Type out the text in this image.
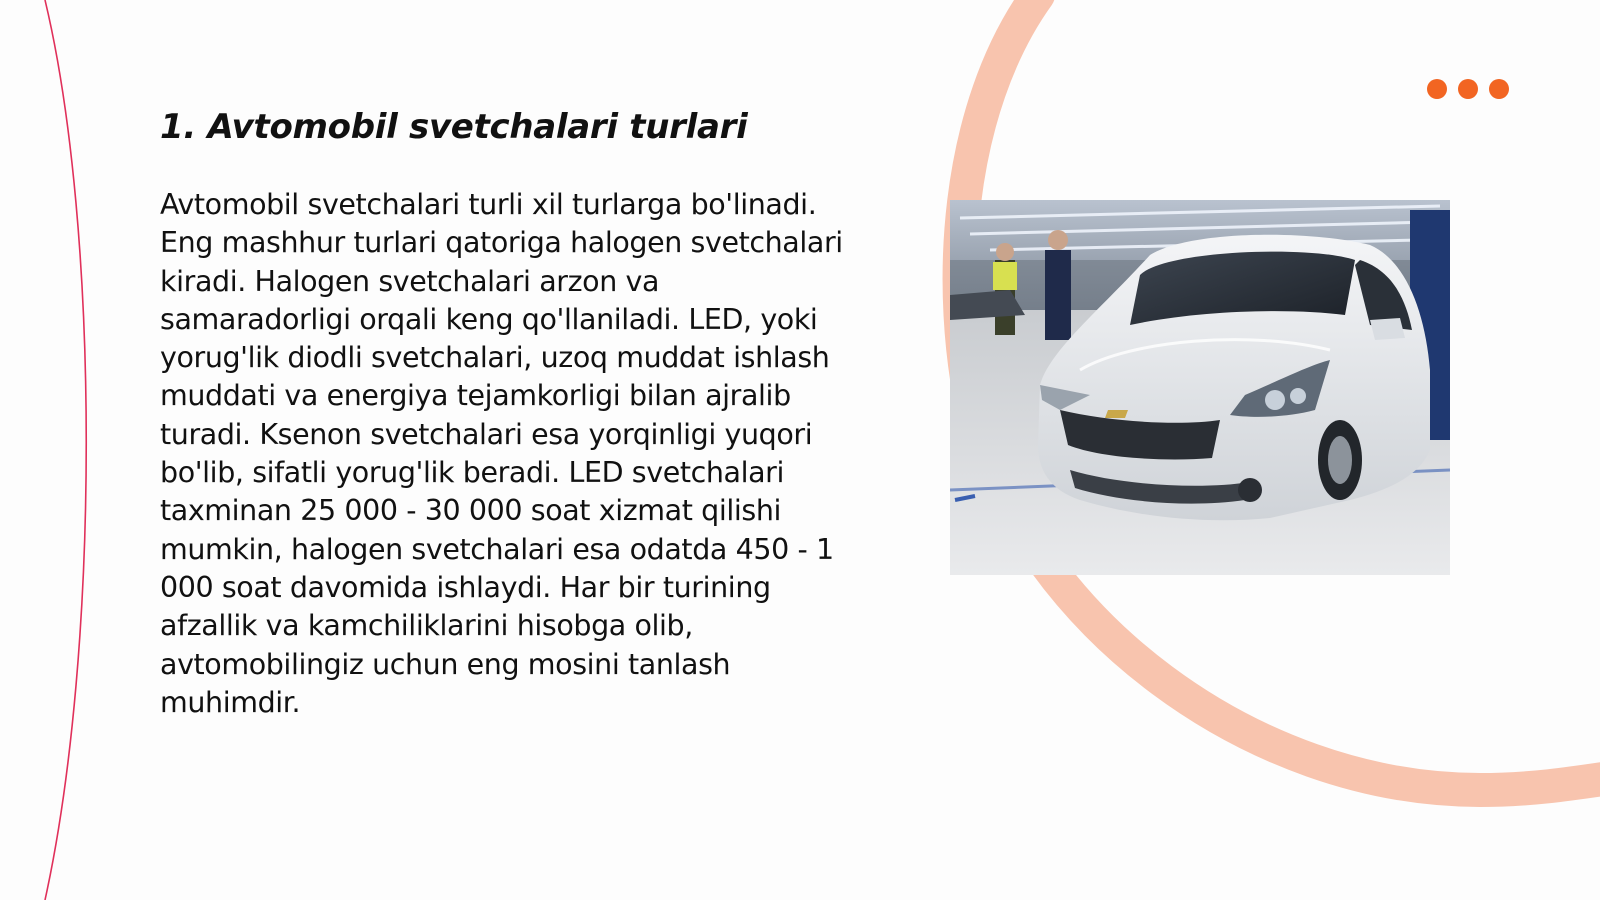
1. Avtomobil svetchalari turlari

Avtomobil svetchalari turli xil turlarga bo'linadi. Eng mashhur turlari qatoriga halogen svetchalari kiradi. Halogen svetchalari arzon va samaradorligi orqali keng qo'llaniladi. LED, yoki yorug'lik diodli svetchalari, uzoq muddat ishlash muddati va energiya tejamkorligi bilan ajralib turadi. Ksenon svetchalari esa yorqinligi yuqori bo'lib, sifatli yorug'lik beradi. LED svetchalari taxminan 25 000 - 30 000 soat xizmat qilishi mumkin, halogen svetchalari esa odatda 450 - 1 000 soat davomida ishlaydi. Har bir turining afzallik va kamchiliklarini hisobga olib, avtomobilingiz uchun eng mosini tanlash muhimdir.
